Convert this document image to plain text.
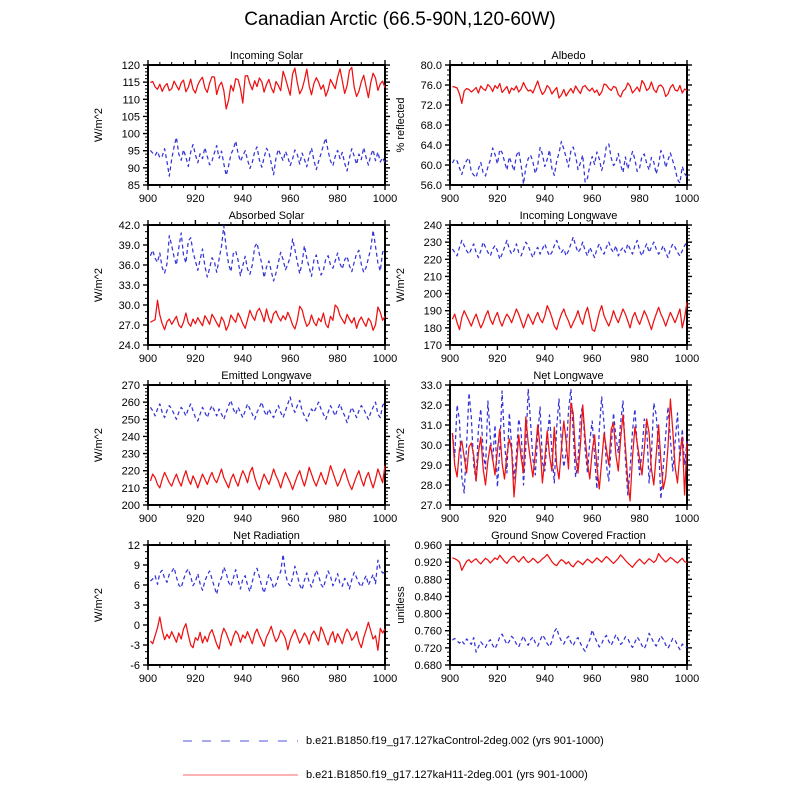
Canadian Arctic (66.5-90N,120-60W)
Incoming Solar
W/m^2
900	920	940	960	980 1000
85
90
95
100
105
110
115
120
Albedo
% reflected
900	920	940	960	980 1000
56.0
60.0
64.0
68.0
72.0
76.0
80.0
Absorbed Solar
W/m^2
900	920	940	960	980 1000
24.0
27.0
30.0
33.0
36.0
39.0
42.0
Incoming Longwave
W/m^2
900	920	940	960	980 1000
170
180
190
200
210
220
230
240
Emitted Longwave
W/m^2
900	920	940	960	980 1000
200
210
220
230
240
250
260
270
Net Longwave
W/m^2
900	920	940	960	980 1000
27.0
28.0
29.0
30.0
31.0
32.0
33.0
Net Radiation
W/m^2
900	920	940	960	980 1000
-6
-3
0
3
6
9
12
Ground Snow Covered Fraction
unitless
900	920	940	960	980 1000
0.680
0.720
0.760
0.800
0.840
0.880
0.920
0.960
b.e21.B1850.f19_g17.127kaControl-2deg.002 (yrs 901-1000)
b.e21.B1850.f19_g17.127kaH11-2deg.001 (yrs 901-1000)
